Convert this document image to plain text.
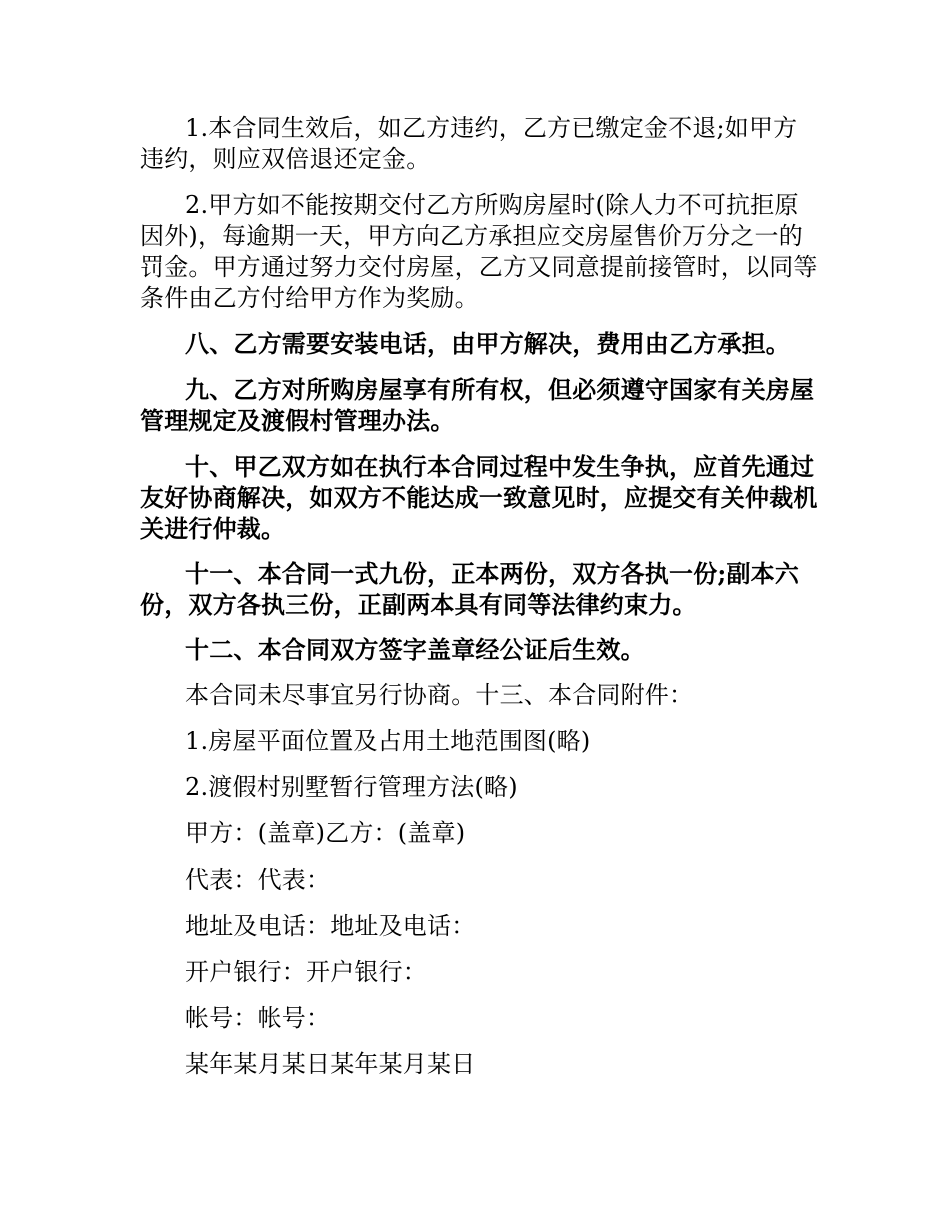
1.本合同生效后，如乙方违约，乙方已缴定金不退;如甲方违约，则应双倍退还定金。

2.甲方如不能按期交付乙方所购房屋时(除人力不可抗拒原因外)，每逾期一天，甲方向乙方承担应交房屋售价万分之一的罚金。甲方通过努力交付房屋，乙方又同意提前接管时，以同等条件由乙方付给甲方作为奖励。

八、乙方需要安装电话，由甲方解决，费用由乙方承担。

九、乙方对所购房屋享有所有权，但必须遵守国家有关房屋管理规定及渡假村管理办法。

十、甲乙双方如在执行本合同过程中发生争执，应首先通过友好协商解决，如双方不能达成一致意见时，应提交有关仲裁机关进行仲裁。

十一、本合同一式九份，正本两份，双方各执一份;副本六份，双方各执三份，正副两本具有同等法律约束力。

十二、本合同双方签字盖章经公证后生效。

本合同未尽事宜另行协商。十三、本合同附件：

1.房屋平面位置及占用土地范围图(略)

2.渡假村别墅暂行管理方法(略)

甲方：(盖章)乙方：(盖章)

代表：代表：

地址及电话：地址及电话：

开户银行：开户银行：

帐号：帐号：

某年某月某日某年某月某日
